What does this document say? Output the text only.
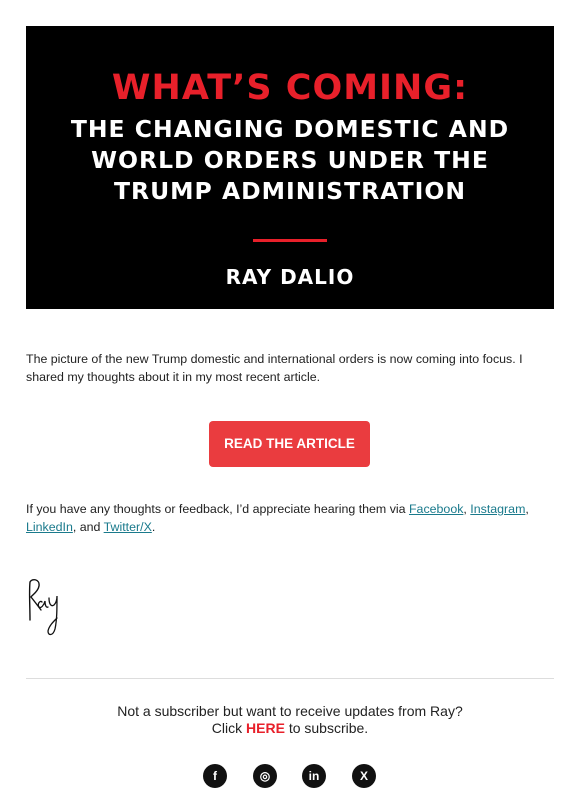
WHAT’S COMING:
THE CHANGING DOMESTIC AND WORLD ORDERS UNDER THE TRUMP ADMINISTRATION
RAY DALIO

The picture of the new Trump domestic and international orders is now coming into focus. I shared my thoughts about it in my most recent article.

READ THE ARTICLE

If you have any thoughts or feedback, I’d appreciate hearing them via Facebook, Instagram, LinkedIn, and Twitter/X.

Not a subscriber but want to receive updates from Ray?
Click HERE to subscribe.
f	◎	in	X
